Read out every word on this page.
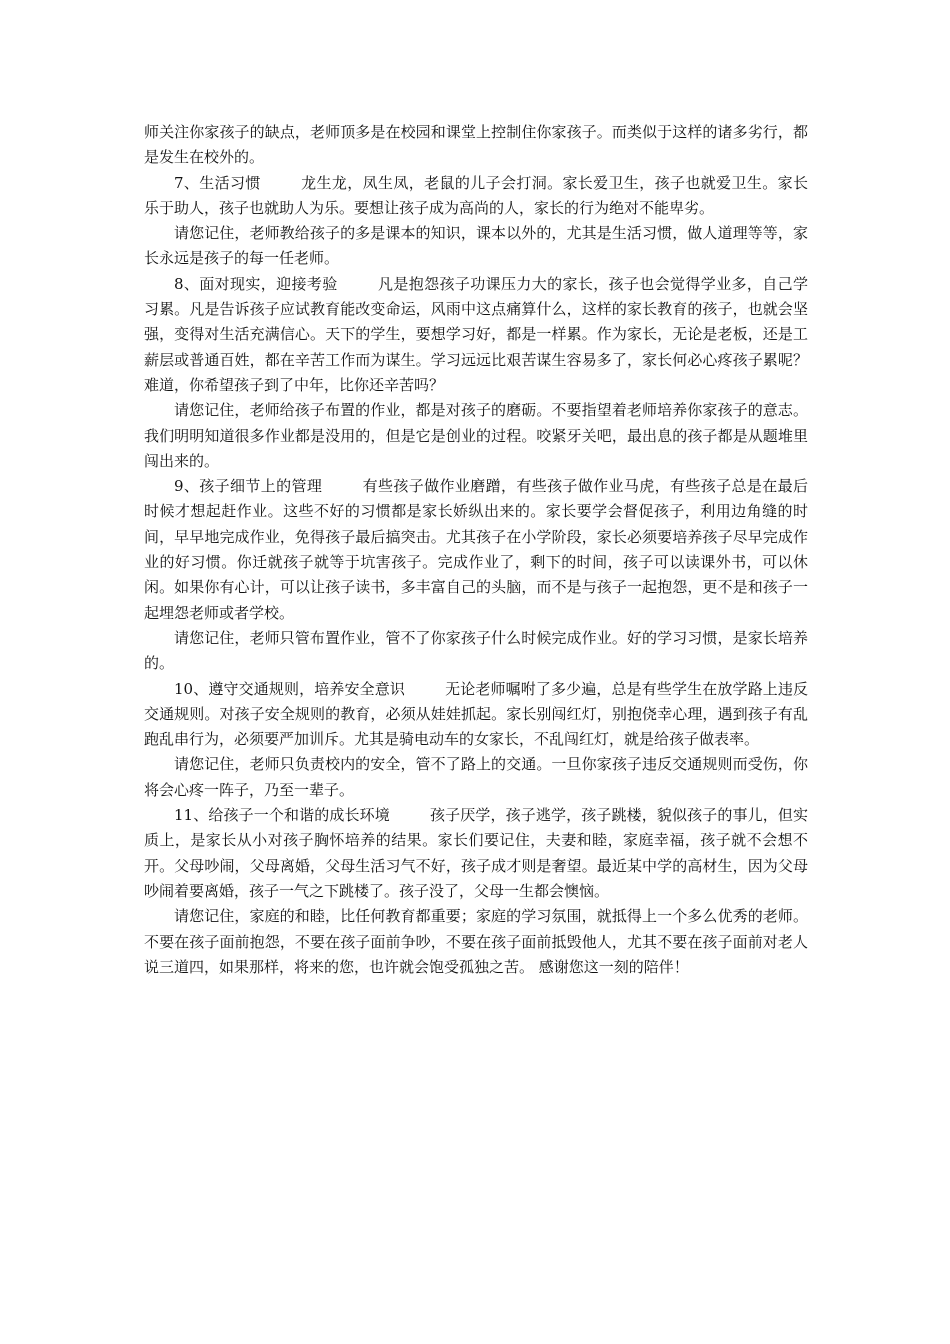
师关注你家孩子的缺点，老师顶多是在校园和课堂上控制住你家孩子。而类似于这样的诸多劣行，都是发生在校外的。

7、生活习惯	龙生龙，凤生凤，老鼠的儿子会打洞。家长爱卫生，孩子也就爱卫生。家长乐于助人，孩子也就助人为乐。要想让孩子成为高尚的人，家长的行为绝对不能卑劣。

请您记住，老师教给孩子的多是课本的知识，课本以外的，尤其是生活习惯，做人道理等等，家长永远是孩子的每一任老师。

8、面对现实，迎接考验	凡是抱怨孩子功课压力大的家长，孩子也会觉得学业多，自己学习累。凡是告诉孩子应试教育能改变命运，风雨中这点痛算什么，这样的家长教育的孩子，也就会坚强，变得对生活充满信心。天下的学生，要想学习好，都是一样累。作为家长，无论是老板，还是工薪层或普通百姓，都在辛苦工作而为谋生。学习远远比艰苦谋生容易多了，家长何必心疼孩子累呢？难道，你希望孩子到了中年，比你还辛苦吗？

请您记住，老师给孩子布置的作业，都是对孩子的磨砺。不要指望着老师培养你家孩子的意志。我们明明知道很多作业都是没用的，但是它是创业的过程。咬紧牙关吧，最出息的孩子都是从题堆里闯出来的。

9、孩子细节上的管理	有些孩子做作业磨蹭，有些孩子做作业马虎，有些孩子总是在最后时候才想起赶作业。这些不好的习惯都是家长娇纵出来的。家长要学会督促孩子，利用边角缝的时间，早早地完成作业，免得孩子最后搞突击。尤其孩子在小学阶段，家长必须要培养孩子尽早完成作业的好习惯。你迁就孩子就等于坑害孩子。完成作业了，剩下的时间，孩子可以读课外书，可以休闲。如果你有心计，可以让孩子读书，多丰富自己的头脑，而不是与孩子一起抱怨，更不是和孩子一起埋怨老师或者学校。

请您记住，老师只管布置作业，管不了你家孩子什么时候完成作业。好的学习习惯，是家长培养的。

10、遵守交通规则，培养安全意识	无论老师嘱咐了多少遍，总是有些学生在放学路上违反交通规则。对孩子安全规则的教育，必须从娃娃抓起。家长别闯红灯，别抱侥幸心理，遇到孩子有乱跑乱串行为，必须要严加训斥。尤其是骑电动车的女家长，不乱闯红灯，就是给孩子做表率。

请您记住，老师只负责校内的安全，管不了路上的交通。一旦你家孩子违反交通规则而受伤，你将会心疼一阵子，乃至一辈子。

11、给孩子一个和谐的成长环境	孩子厌学，孩子逃学，孩子跳楼，貌似孩子的事儿，但实质上，是家长从小对孩子胸怀培养的结果。家长们要记住，夫妻和睦，家庭幸福，孩子就不会想不开。父母吵闹，父母离婚，父母生活习气不好，孩子成才则是奢望。最近某中学的高材生，因为父母吵闹着要离婚，孩子一气之下跳楼了。孩子没了，父母一生都会懊恼。

请您记住，家庭的和睦，比任何教育都重要；家庭的学习氛围，就抵得上一个多么优秀的老师。不要在孩子面前抱怨，不要在孩子面前争吵，不要在孩子面前抵毁他人，尤其不要在孩子面前对老人说三道四，如果那样，将来的您，也许就会饱受孤独之苦。 感谢您这一刻的陪伴！
